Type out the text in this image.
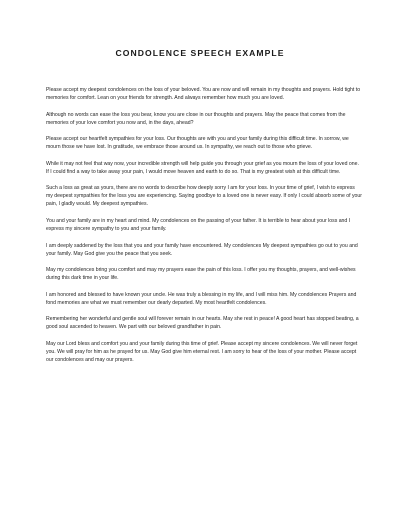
CONDOLENCE SPEECH EXAMPLE

Please accept my deepest condolences on the loss of your beloved. You are now and will remain in my thoughts and prayers. Hold tight to memories for comfort. Lean on your friends for strength. And always remember how much you are loved.

Although no words can ease the loss you bear, know you are close in our thoughts and prayers. May the peace that comes from the memories of your love comfort you now and, in the days, ahead?

Please accept our heartfelt sympathies for your loss. Our thoughts are with you and your family during this difficult time. In sorrow, we mourn those we have lost. In gratitude, we embrace those around us. In sympathy, we reach out to those who grieve.

While it may not feel that way now, your incredible strength will help guide you through your grief as you mourn the loss of your loved one. If I could find a way to take away your pain, I would move heaven and earth to do so. That is my greatest wish at this difficult time.

Such a loss as great as yours, there are no words to describe how deeply sorry I am for your loss. In your time of grief, I wish to express my deepest sympathies for the loss you are experiencing. Saying goodbye to a loved one is never easy. If only I could absorb some of your pain, I gladly would. My deepest sympathies.

You and your family are in my heart and mind. My condolences on the passing of your father. It is terrible to hear about your loss and I express my sincere sympathy to you and your family.

I am deeply saddened by the loss that you and your family have encountered. My condolences My deepest sympathies go out to you and your family. May God give you the peace that you seek.

May my condolences bring you comfort and may my prayers ease the pain of this loss. I offer you my thoughts, prayers, and well-wishes during this dark time in your life.

I am honored and blessed to have known your uncle. He was truly a blessing in my life, and I will miss him. My condolences Prayers and fond memories are what we must remember our dearly departed. My most heartfelt condolences.

Remembering her wonderful and gentle soul will forever remain in our hearts. May she rest in peace! A good heart has stopped beating, a good soul ascended to heaven. We part with our beloved grandfather in pain.

May our Lord bless and comfort you and your family during this time of grief. Please accept my sincere condolences. We will never forget you. We will pray for him as he prayed for us. May God give him eternal rest. I am sorry to hear of the loss of your mother. Please accept our condolences and may our prayers.
